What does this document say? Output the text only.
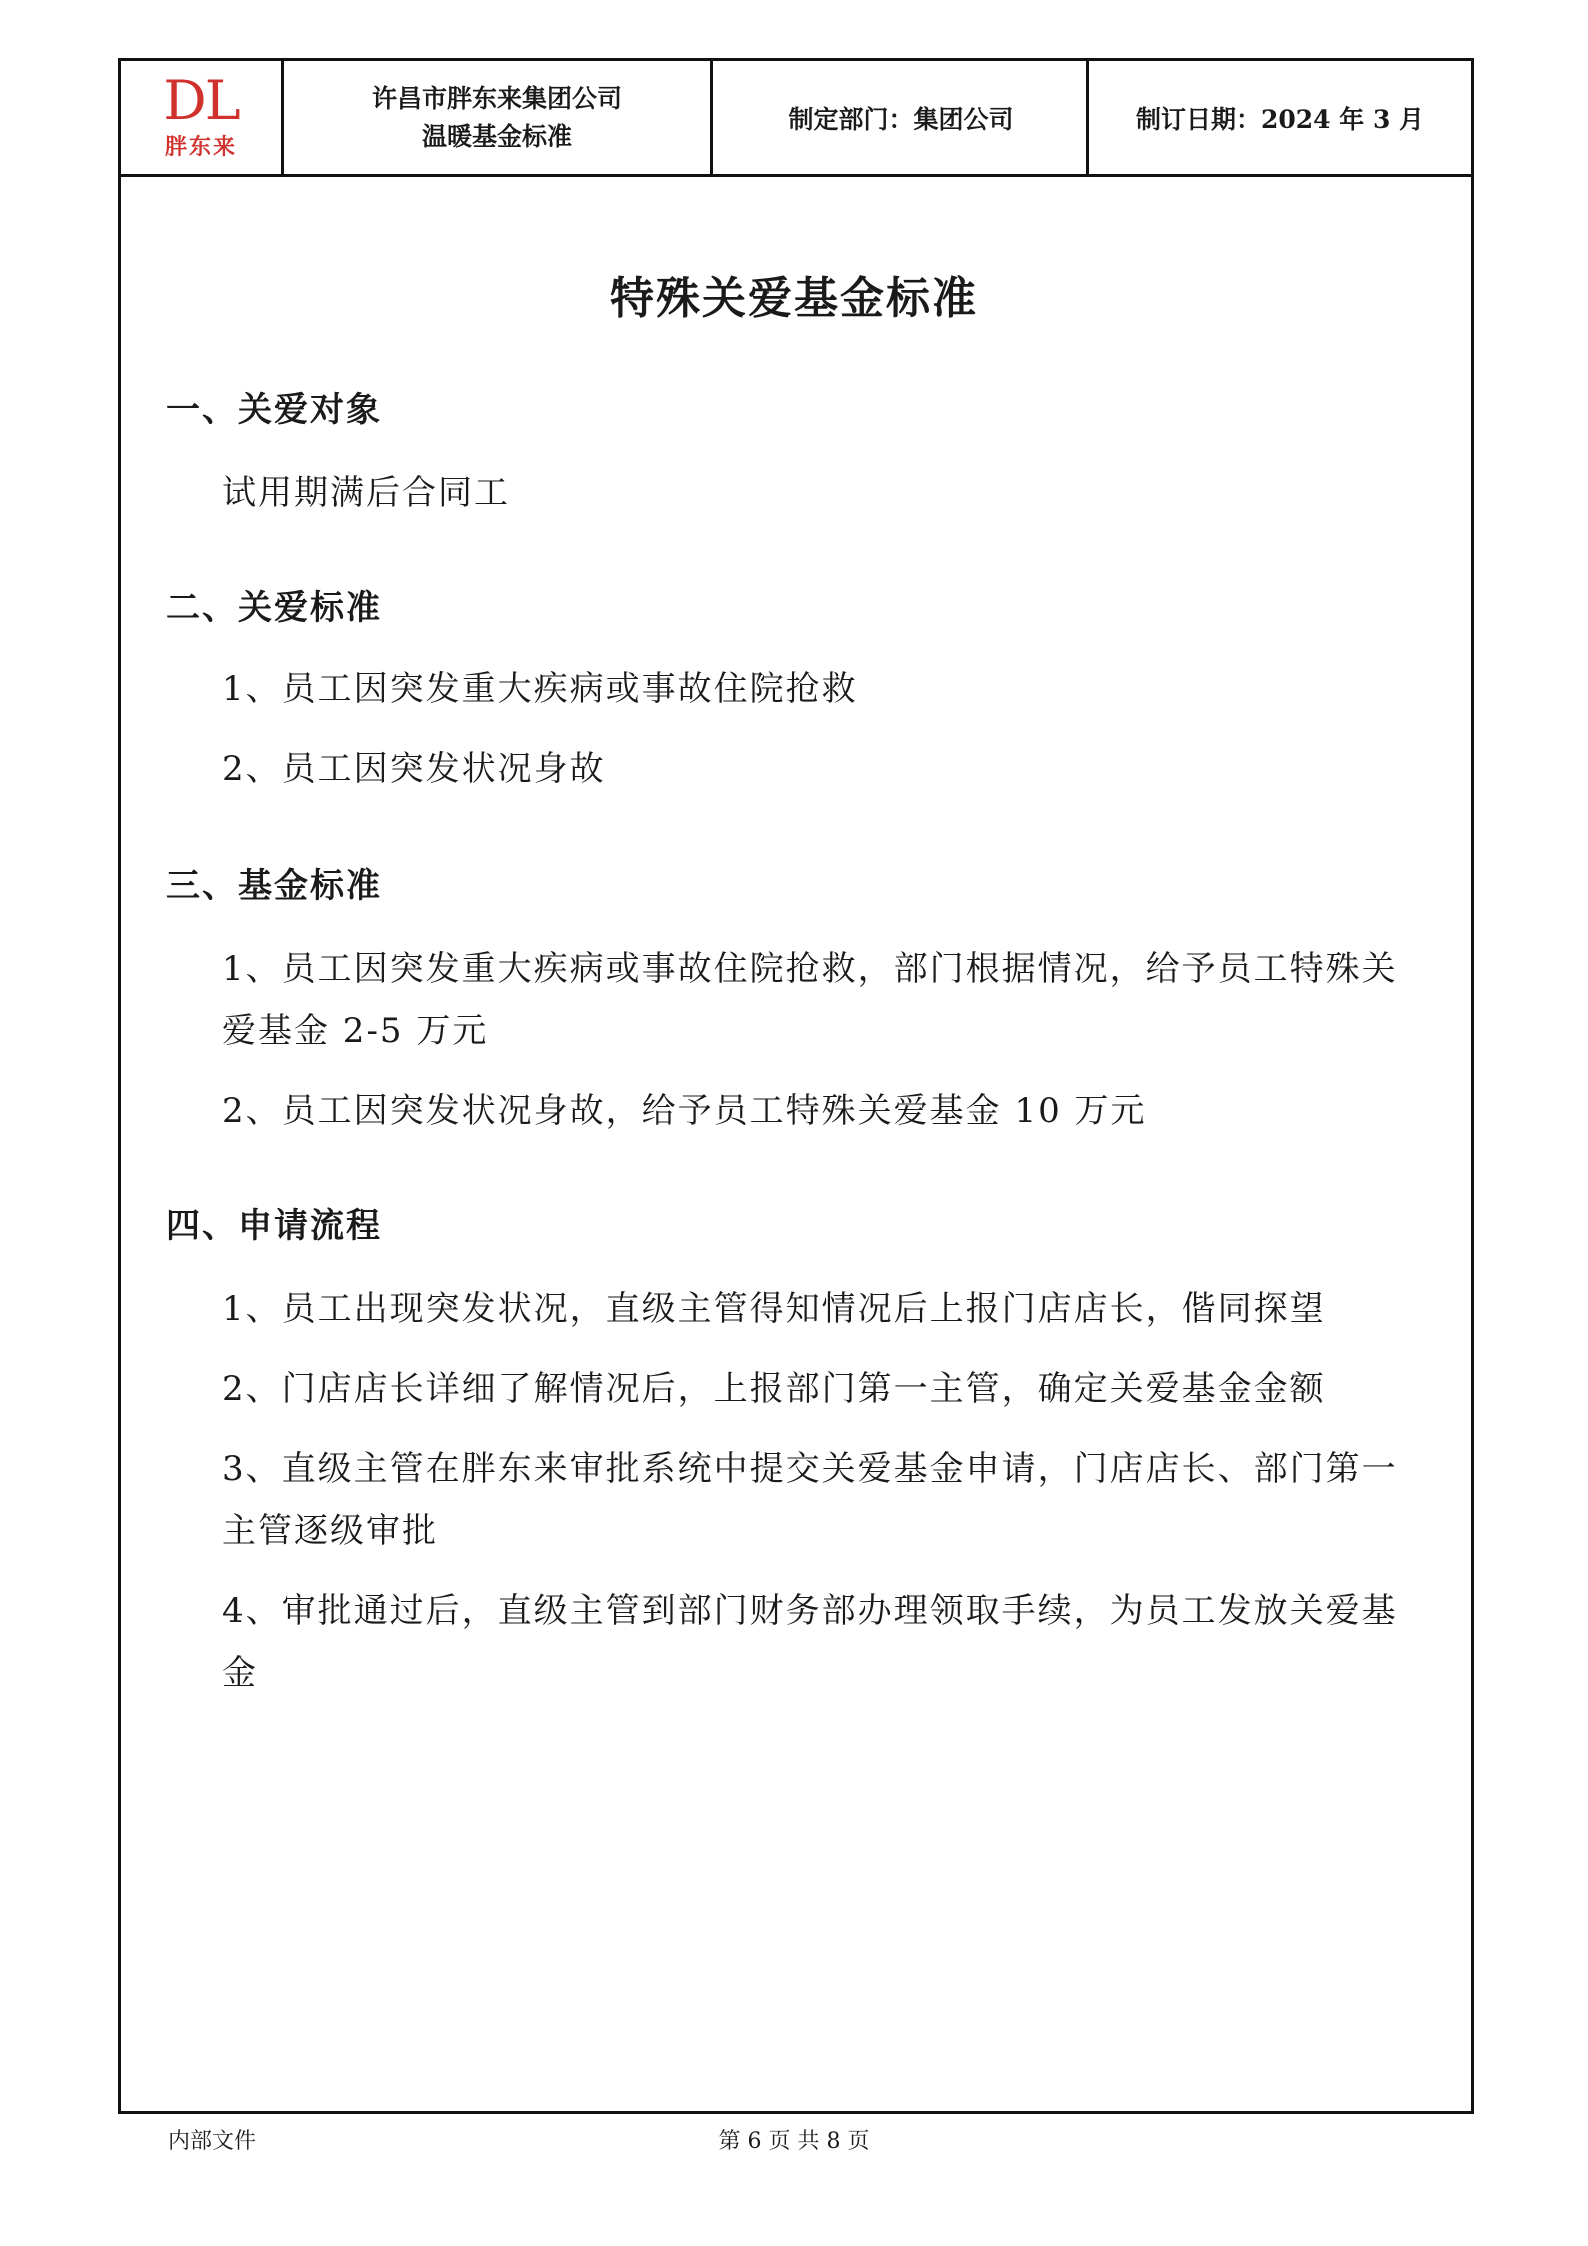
DL
胖东来
许昌市胖东来集团公司
温暖基金标准
制定部门：集团公司	制订日期：2024 年 3 月
特殊关爱基金标准
一、关爱对象
试用期满后合同工
二、关爱标准
1、员工因突发重大疾病或事故住院抢救
2、员工因突发状况身故
三、基金标准
1、员工因突发重大疾病或事故住院抢救，部门根据情况，给予员工特殊关爱基金 2-5 万元
2、员工因突发状况身故，给予员工特殊关爱基金 10 万元
四、申请流程
1、员工出现突发状况，直级主管得知情况后上报门店店长，偕同探望
2、门店店长详细了解情况后，上报部门第一主管，确定关爱基金金额
3、直级主管在胖东来审批系统中提交关爱基金申请，门店店长、部门第一主管逐级审批
4、审批通过后，直级主管到部门财务部办理领取手续，为员工发放关爱基金
内部文件	第 6 页 共 8 页
